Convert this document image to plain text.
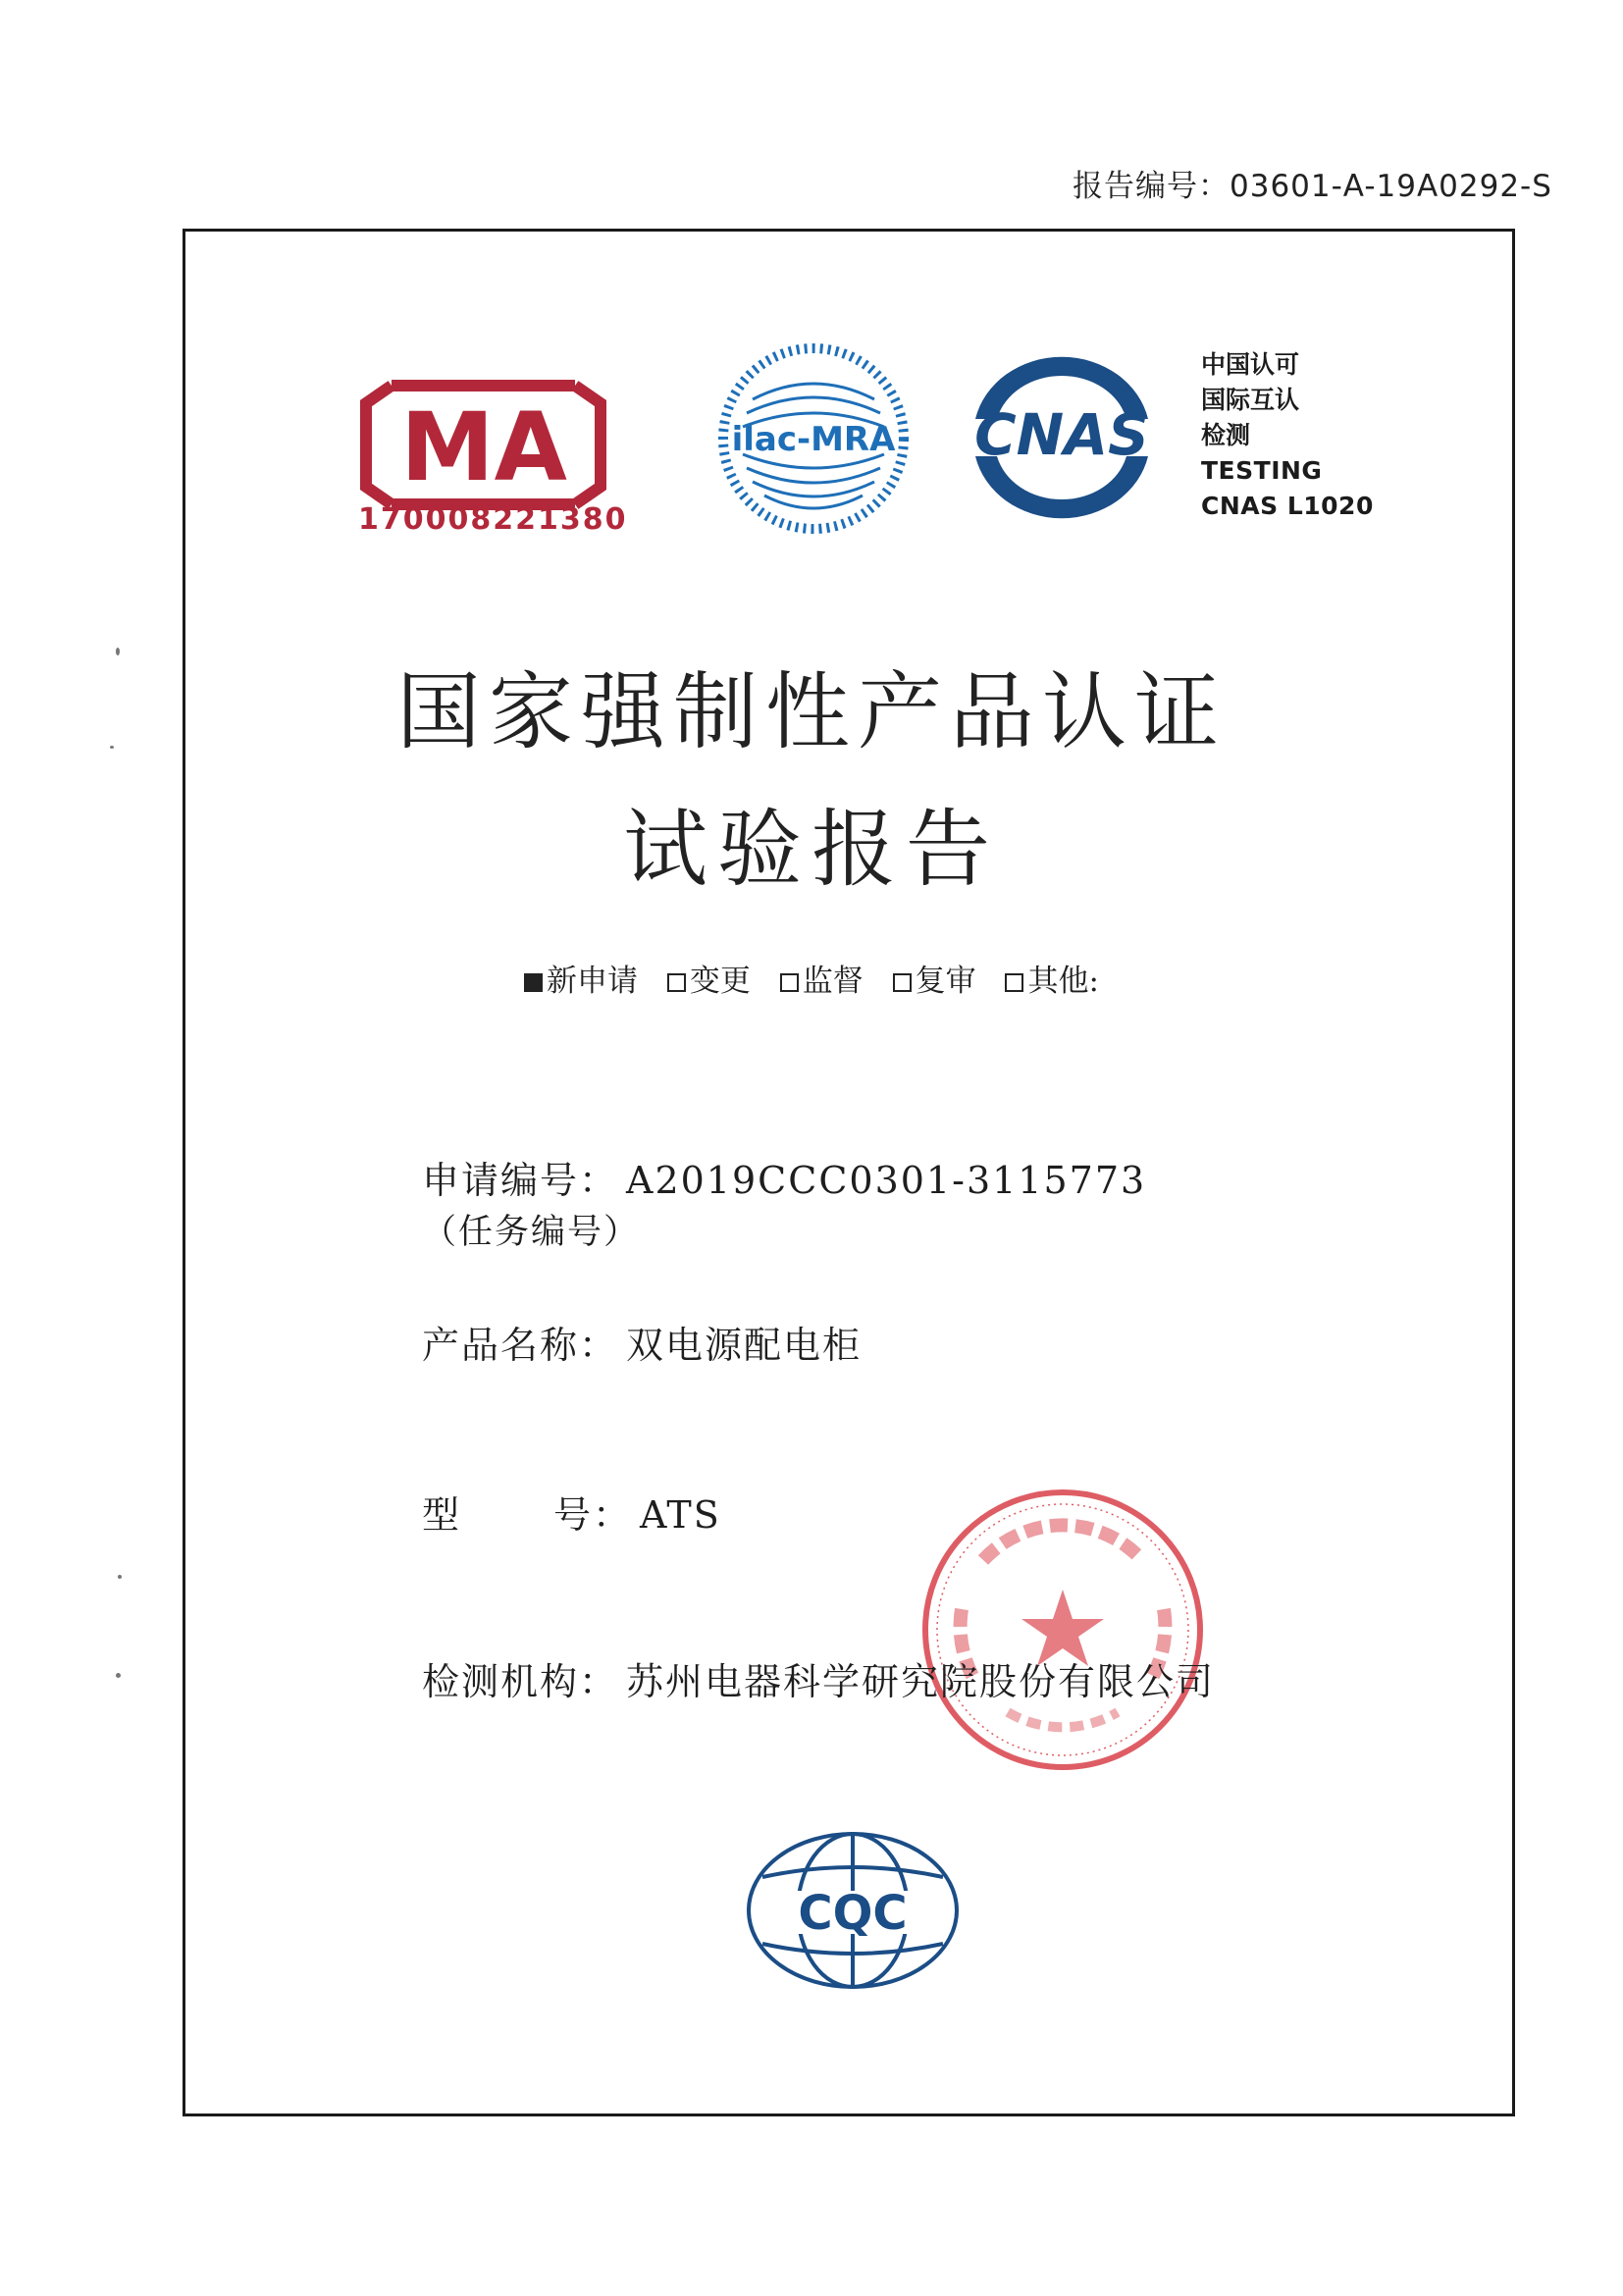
报告编号：03601-A-19A0292-S
MA
170008221380
ilac-MRA CNAS
中国认可
国际互认
检测
TESTING
CNAS L1020
国家强制性产品认证
试验报告
新申请 变更 监督 复审 其他:
申请编号： A2019CCC0301-3115773
（任务编号）
产品名称： 双电源配电柜
型 号： ATS
检测机构： 苏州电器科学研究院股份有限公司
CQC
